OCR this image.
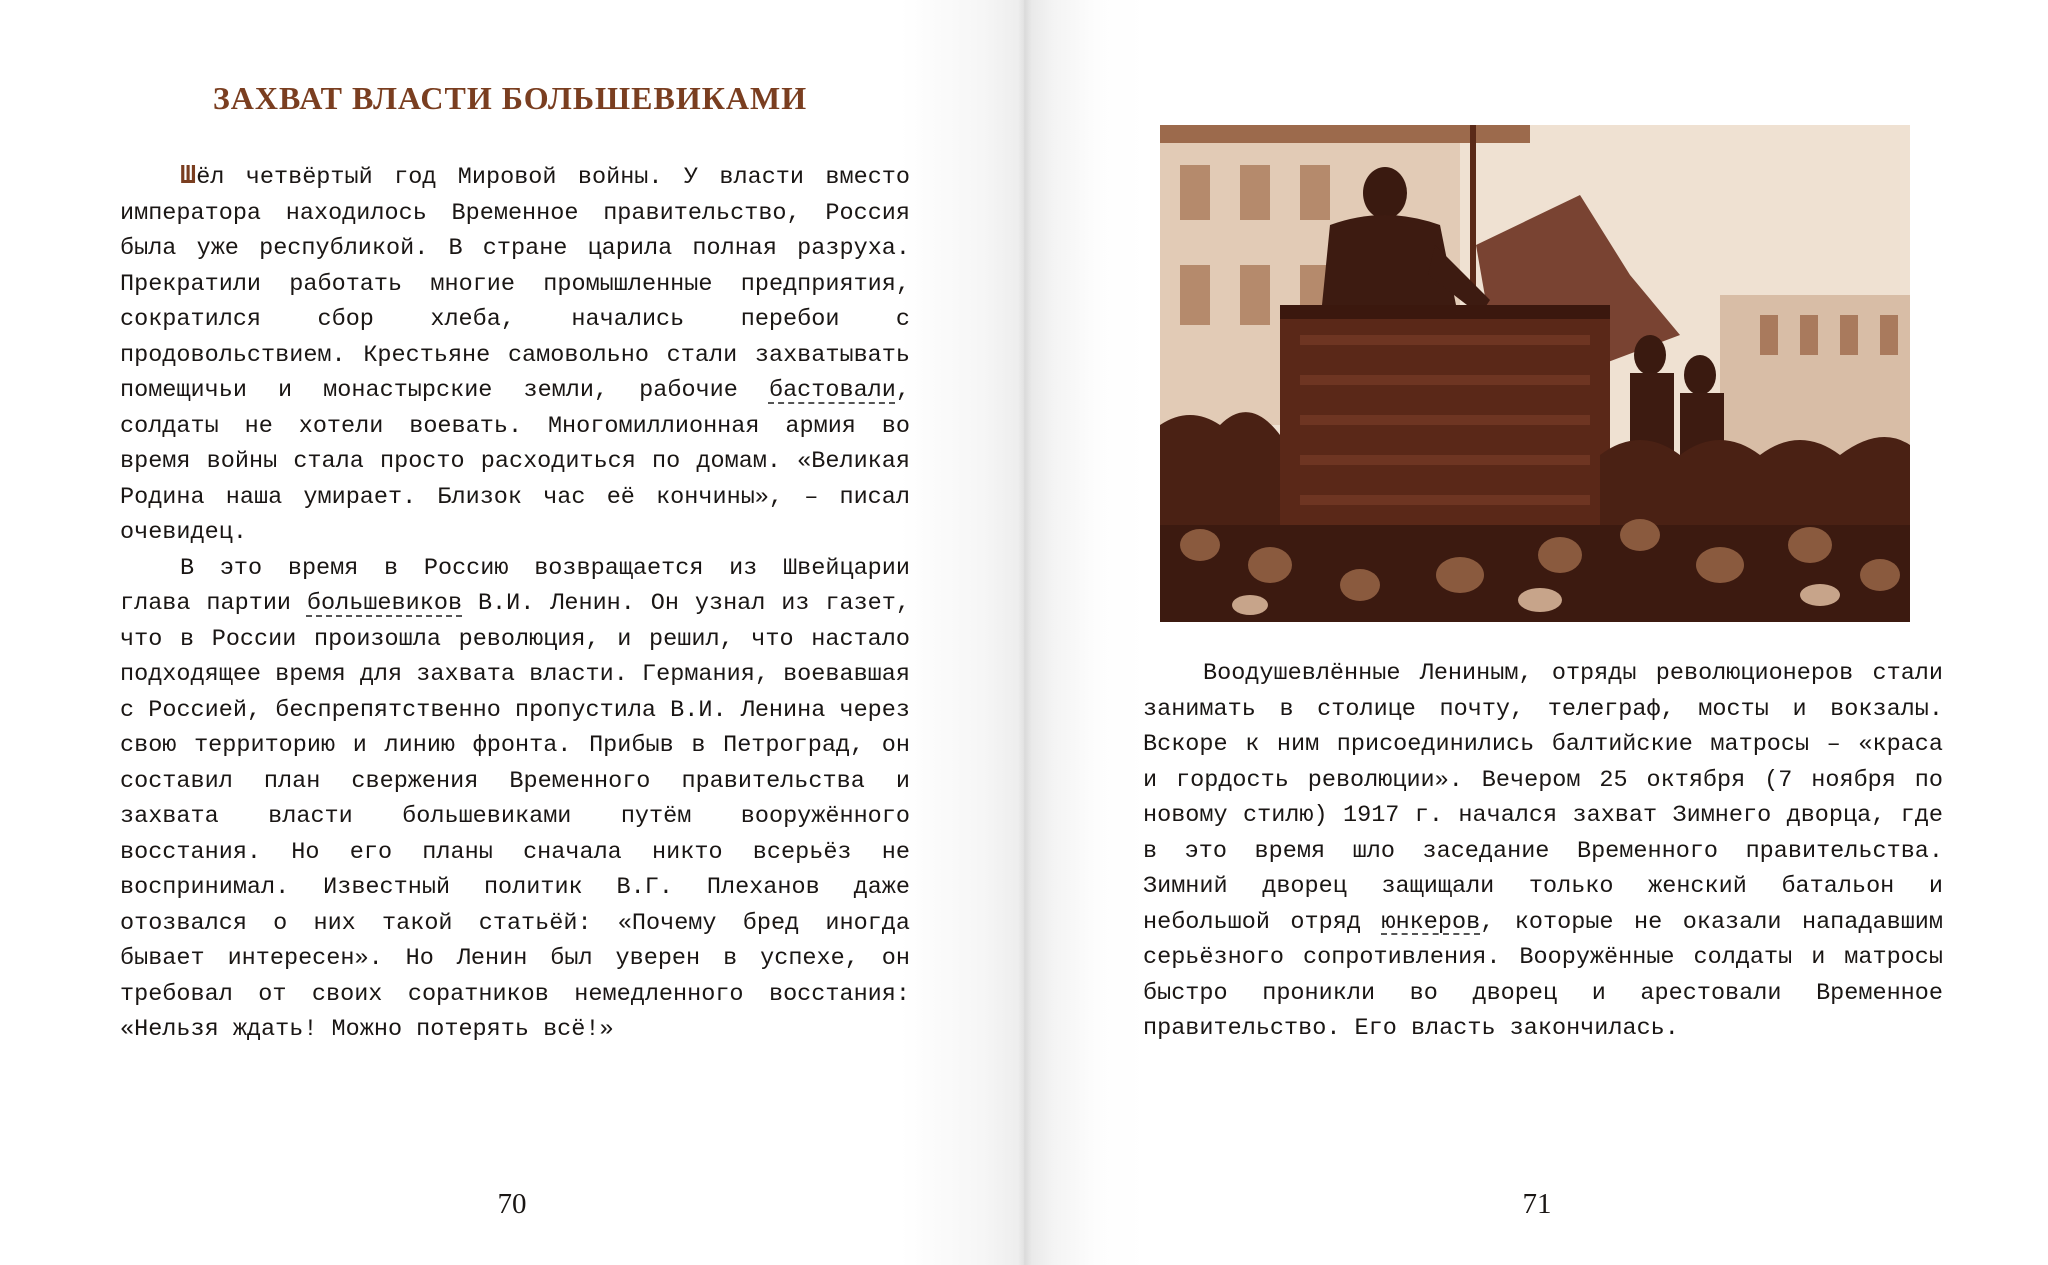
ЗАХВАТ ВЛАСТИ БОЛЬШЕВИКАМИ

Шёл четвёртый год Мировой войны. У власти вместо императора находилось Временное правительство, Россия была уже республикой. В стране царила полная разруха. Прекратили работать многие промышленные предприятия, сократился сбор хлеба, начались перебои с продовольствием. Крестьяне самовольно стали захватывать помещичьи и монастырские земли, рабочие бастовали, солдаты не хотели воевать. Многомиллионная армия во время войны стала просто расходиться по домам. «Великая Родина наша умирает. Близок час её кончины», – писал очевидец.

В это время в Россию возвращается из Швейцарии глава партии большевиков В.И. Ленин. Он узнал из газет, что в России произошла революция, и решил, что настало подходящее время для захвата власти. Германия, воевавшая с Россией, беспрепятственно пропустила В.И. Ленина через свою территорию и линию фронта. Прибыв в Петроград, он составил план свержения Временного правительства и захвата власти большевиками путём вооружённого восстания. Но его планы сначала никто всерьёз не воспринимал. Известный политик В.Г. Плеханов даже отозвался о них такой статьёй: «Почему бред иногда бывает интересен». Но Ленин был уверен в успехе, он требовал от своих соратников немедленного восстания: «Нельзя ждать! Можно потерять всё!»

70	71

Воодушевлённые Лениным, отряды революционеров стали занимать в столице почту, телеграф, мосты и вокзалы. Вскоре к ним присоединились балтийские матросы – «краса и гордость революции». Вечером 25 октября (7 ноября по новому стилю) 1917 г. начался захват Зимнего дворца, где в это время шло заседание Временного правительства. Зимний дворец защищали только женский батальон и небольшой отряд юнкеров, которые не оказали нападавшим серьёзного сопротивления. Вооружённые солдаты и матросы быстро проникли во дворец и арестовали Временное правительство. Его власть закончилась.
